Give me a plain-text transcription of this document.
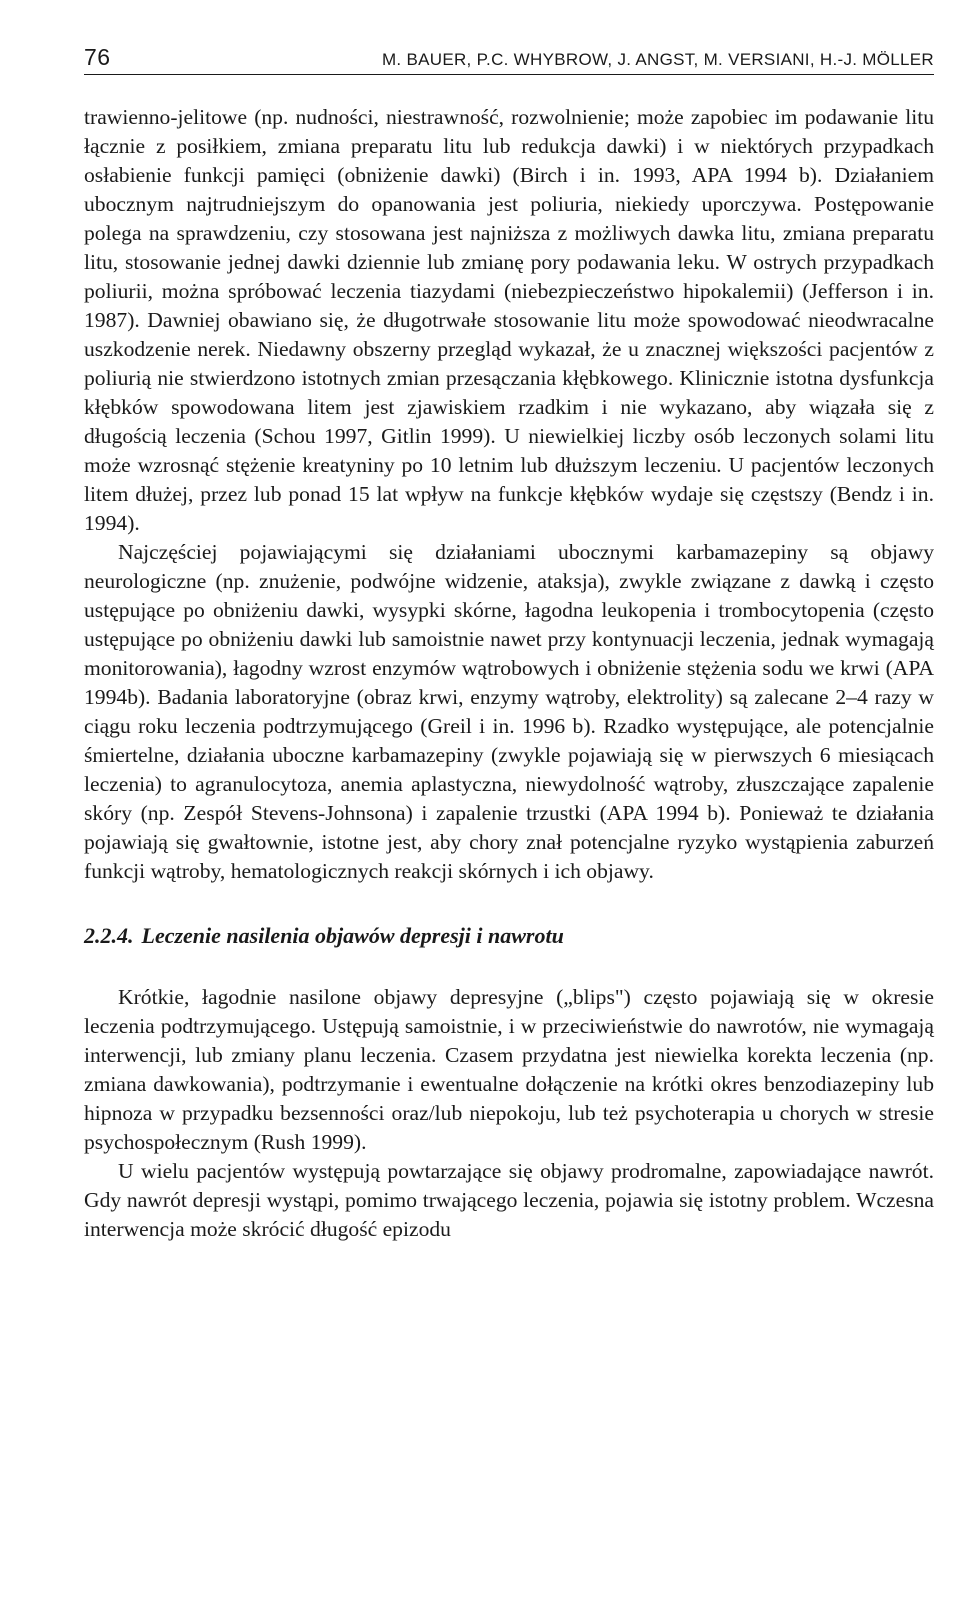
76	M. BAUER, P.C. WHYBROW, J. ANGST, M. VERSIANI, H.-J. MÖLLER

trawienno-jelitowe (np. nudności, niestrawność, rozwolnienie; może zapobiec im podawanie litu łącznie z posiłkiem, zmiana preparatu litu lub redukcja dawki) i w niektórych przypadkach osłabienie funkcji pamięci (obniżenie dawki) (Birch i in. 1993, APA 1994 b). Działaniem ubocznym najtrudniejszym do opanowania jest poliuria, niekiedy uporczywa. Postępowanie polega na sprawdzeniu, czy stosowana jest najniższa z możliwych dawka litu, zmiana preparatu litu, stosowanie jednej dawki dziennie lub zmianę pory podawania leku. W ostrych przypadkach poliurii, można spróbować leczenia tiazydami (niebezpieczeństwo hipokalemii) (Jefferson i in. 1987). Dawniej obawiano się, że długotrwałe stosowanie litu może spowodować nieodwracalne uszkodzenie nerek. Niedawny obszerny przegląd wykazał, że u znacznej większości pacjentów z poliurią nie stwierdzono istotnych zmian przesączania kłębkowego. Klinicznie istotna dysfunkcja kłębków spowodowana litem jest zjawiskiem rzadkim i nie wykazano, aby wiązała się z długością leczenia (Schou 1997, Gitlin 1999). U niewielkiej liczby osób leczonych solami litu może wzrosnąć stężenie kreatyniny po 10 letnim lub dłuższym leczeniu. U pacjentów leczonych litem dłużej, przez lub ponad 15 lat wpływ na funkcje kłębków wydaje się częstszy (Bendz i in. 1994).

Najczęściej pojawiającymi się działaniami ubocznymi karbamazepiny są objawy neurologiczne (np. znużenie, podwójne widzenie, ataksja), zwykle związane z dawką i często ustępujące po obniżeniu dawki, wysypki skórne, łagodna leukopenia i trombocytopenia (często ustępujące po obniżeniu dawki lub samoistnie nawet przy kontynuacji leczenia, jednak wymagają monitorowania), łagodny wzrost enzymów wątrobowych i obniżenie stężenia sodu we krwi (APA 1994b). Badania laboratoryjne (obraz krwi, enzymy wątroby, elektrolity) są zalecane 2–4 razy w ciągu roku leczenia podtrzymującego (Greil i in. 1996 b). Rzadko występujące, ale potencjalnie śmiertelne, działania uboczne karbamazepiny (zwykle pojawiają się w pierwszych 6 miesiącach leczenia) to agranulocytoza, anemia aplastyczna, niewydolność wątroby, złuszczające zapalenie skóry (np. Zespół Stevens-Johnsona) i zapalenie trzustki (APA 1994 b). Ponieważ te działania pojawiają się gwałtownie, istotne jest, aby chory znał potencjalne ryzyko wystąpienia zaburzeń funkcji wątroby, hematologicznych reakcji skórnych i ich objawy.

2.2.4. Leczenie nasilenia objawów depresji i nawrotu

Krótkie, łagodnie nasilone objawy depresyjne („blips") często pojawiają się w okresie leczenia podtrzymującego. Ustępują samoistnie, i w przeciwieństwie do nawrotów, nie wymagają interwencji, lub zmiany planu leczenia. Czasem przydatna jest niewielka korekta leczenia (np. zmiana dawkowania), podtrzymanie i ewentualne dołączenie na krótki okres benzodiazepiny lub hipnoza w przypadku bezsenności oraz/lub niepokoju, lub też psychoterapia u chorych w stresie psychospołecznym (Rush 1999).

U wielu pacjentów występują powtarzające się objawy prodromalne, zapowiadające nawrót. Gdy nawrót depresji wystąpi, pomimo trwającego leczenia, pojawia się istotny problem. Wczesna interwencja może skrócić długość epizodu
